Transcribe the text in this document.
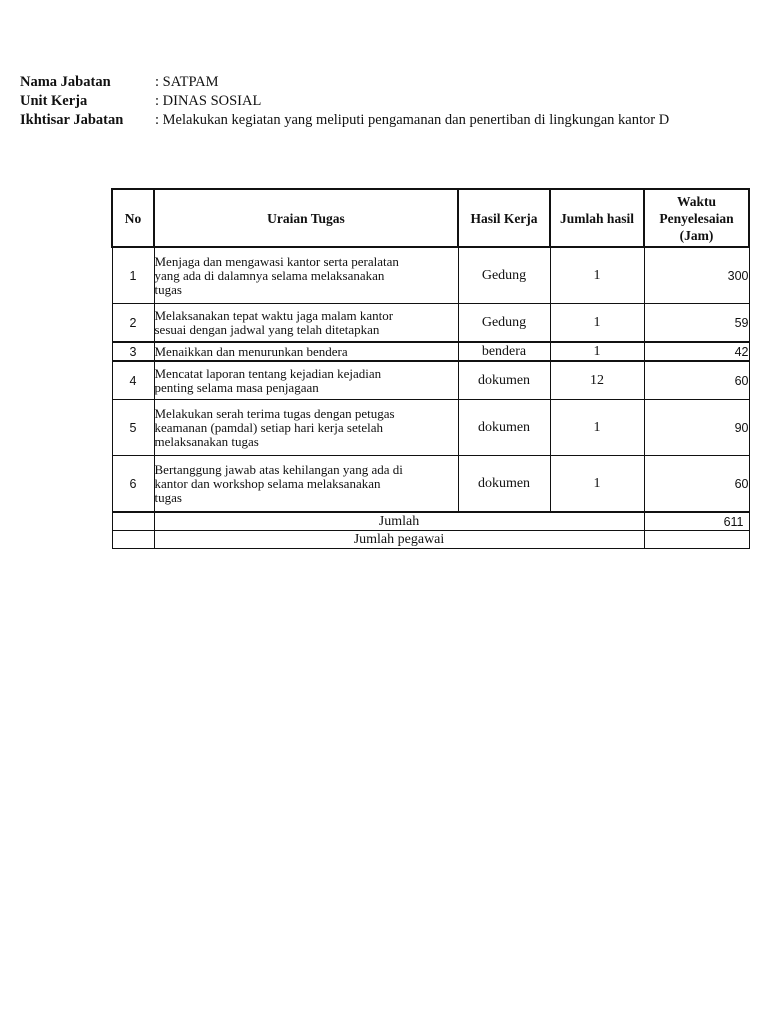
Nama Jabatan	: SATPAM
Unit Kerja	: DINAS SOSIAL
Ikhtisar Jabatan	: Melakukan kegiatan yang meliputi pengamanan dan penertiban di lingkungan kantor D
No	Uraian Tugas	Hasil Kerja	Jumlah hasil	Waktu
Penyelesaian
(Jam)

1	Menjaga dan mengawasi kantor serta peralatan
yang ada di dalamnya selama melaksanakan
tugas	Gedung	1	300
2	Melaksanakan tepat waktu jaga malam kantor
sesuai dengan jadwal yang telah ditetapkan	Gedung	1	59
3	Menaikkan dan menurunkan bendera	bendera	1	42
4	Mencatat laporan tentang kejadian kejadian
penting selama masa penjagaan	dokumen	12	60
5	Melakukan serah terima tugas dengan petugas
keamanan (pamdal) setiap hari kerja setelah
melaksanakan tugas	dokumen	1	90
6	Bertanggung jawab atas kehilangan yang ada di
kantor dan workshop selama melaksanakan
tugas	dokumen	1	60
	Jumlah			611
	Jumlah pegawai			
